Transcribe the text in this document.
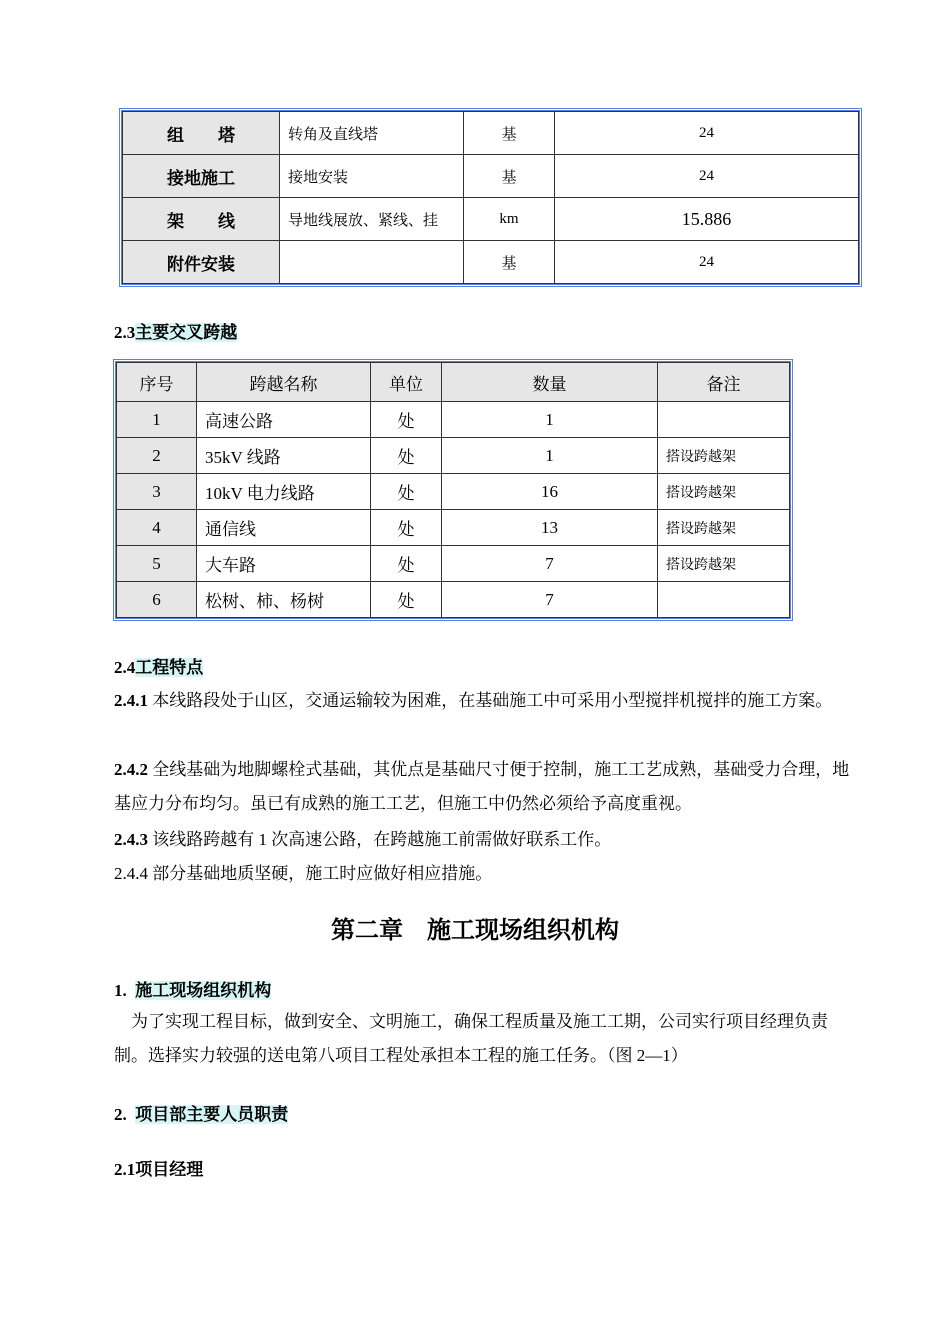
组　　塔	转角及直线塔	基	24
接地施工	接地安装	基	24
架　　线	导地线展放、紧线、挂	km	15.886
附件安装		基	24
2.3主要交叉跨越
序号	跨越名称	单位	数量	备注
1	高速公路	处	1	
2	35kV 线路	处	1	搭设跨越架
3	10kV 电力线路	处	16	搭设跨越架
4	通信线	处	13	搭设跨越架
5	大车路	处	7	搭设跨越架
6	松树、柿、杨树	处	7	
2.4工程特点
2.4.1 本线路段处于山区，交通运输较为困难，在基础施工中可采用小型搅拌机搅拌的施工方案。
2.4.2 全线基础为地脚螺栓式基础，其优点是基础尺寸便于控制，施工工艺成熟，基础受力合理，地基应力分布均匀。虽已有成熟的施工工艺，但施工中仍然必须给予高度重视。
2.4.3 该线路跨越有 1 次高速公路，在跨越施工前需做好联系工作。
2.4.4 部分基础地质坚硬，施工时应做好相应措施。
第二章　施工现场组织机构
1. 施工现场组织机构
为了实现工程目标，做到安全、文明施工，确保工程质量及施工工期，公司实行项目经理负责制。选择实力较强的送电第八项目工程处承担本工程的施工任务。（图 2—1）
2. 项目部主要人员职责
2.1项目经理
